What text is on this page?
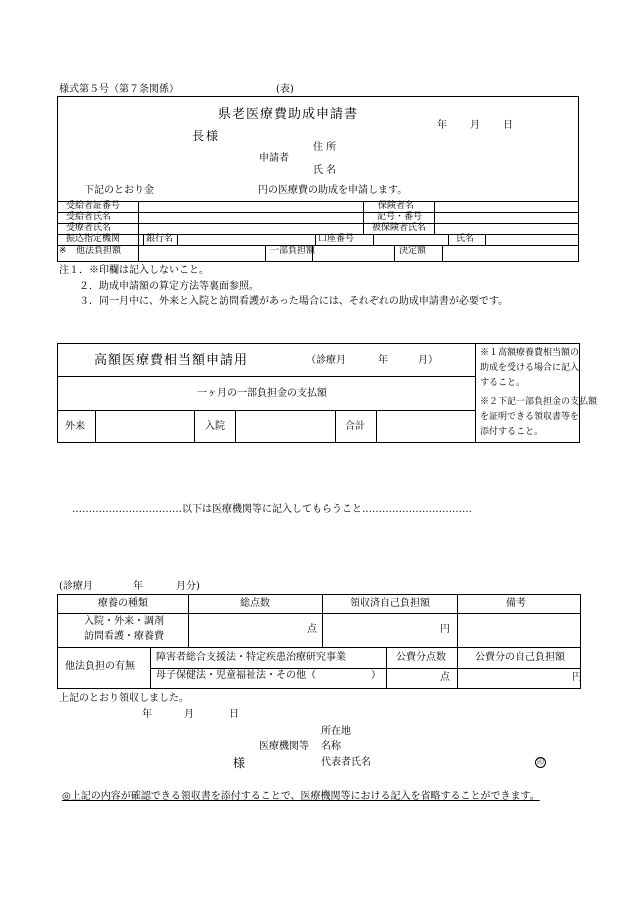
様式第５号（第７条関係）	(表)
県老医療費助成申請書
年 月 日
長様
住 所
申請者
氏 名
下記のとおり金	円の医療費の助成を申請します。
受給者証番号	保険者名
受給者氏名	記号・番号
受療者氏名	被保険者氏名
振込指定機関	銀行名	口座番号	氏名
※ 他法負担額	一部負担額	決定額
注１．※印欄は記入しないこと。
２．助成申請額の算定方法等裏面参照。
３．同一月中に、外来と入院と訪問看護があった場合には、それぞれの助成申請書が必要です。
高額医療費相当額申請用	（診療月	年	月）
一ヶ月の一部負担金の支払額
外来	入院	合計
※１高額療養費相当額の
助成を受ける場合に記入
すること。
※２下記一部負担金の支払額
を証明できる領収書等を
添付すること。
……………………………以下は医療機関等に記入してもらうこと……………………………
(診療月	年	月分)
療養の種類	総点数	領収済自己負担額	備考
入院・外来・調剤
訪問看護・療養費
点	円
他法負担の有無
障害者総合支援法・特定疾患治療研究事業
母子保健法・児童福祉法・その他（	）
公費分点数	公費分の自己負担額
点	円
上記のとおり領収しました。
年	月	日
所在地
医療機関等 名称
様	代表者氏名	印
◎上記の内容が確認できる領収書を添付することで、医療機関等における記入を省略することができます。
